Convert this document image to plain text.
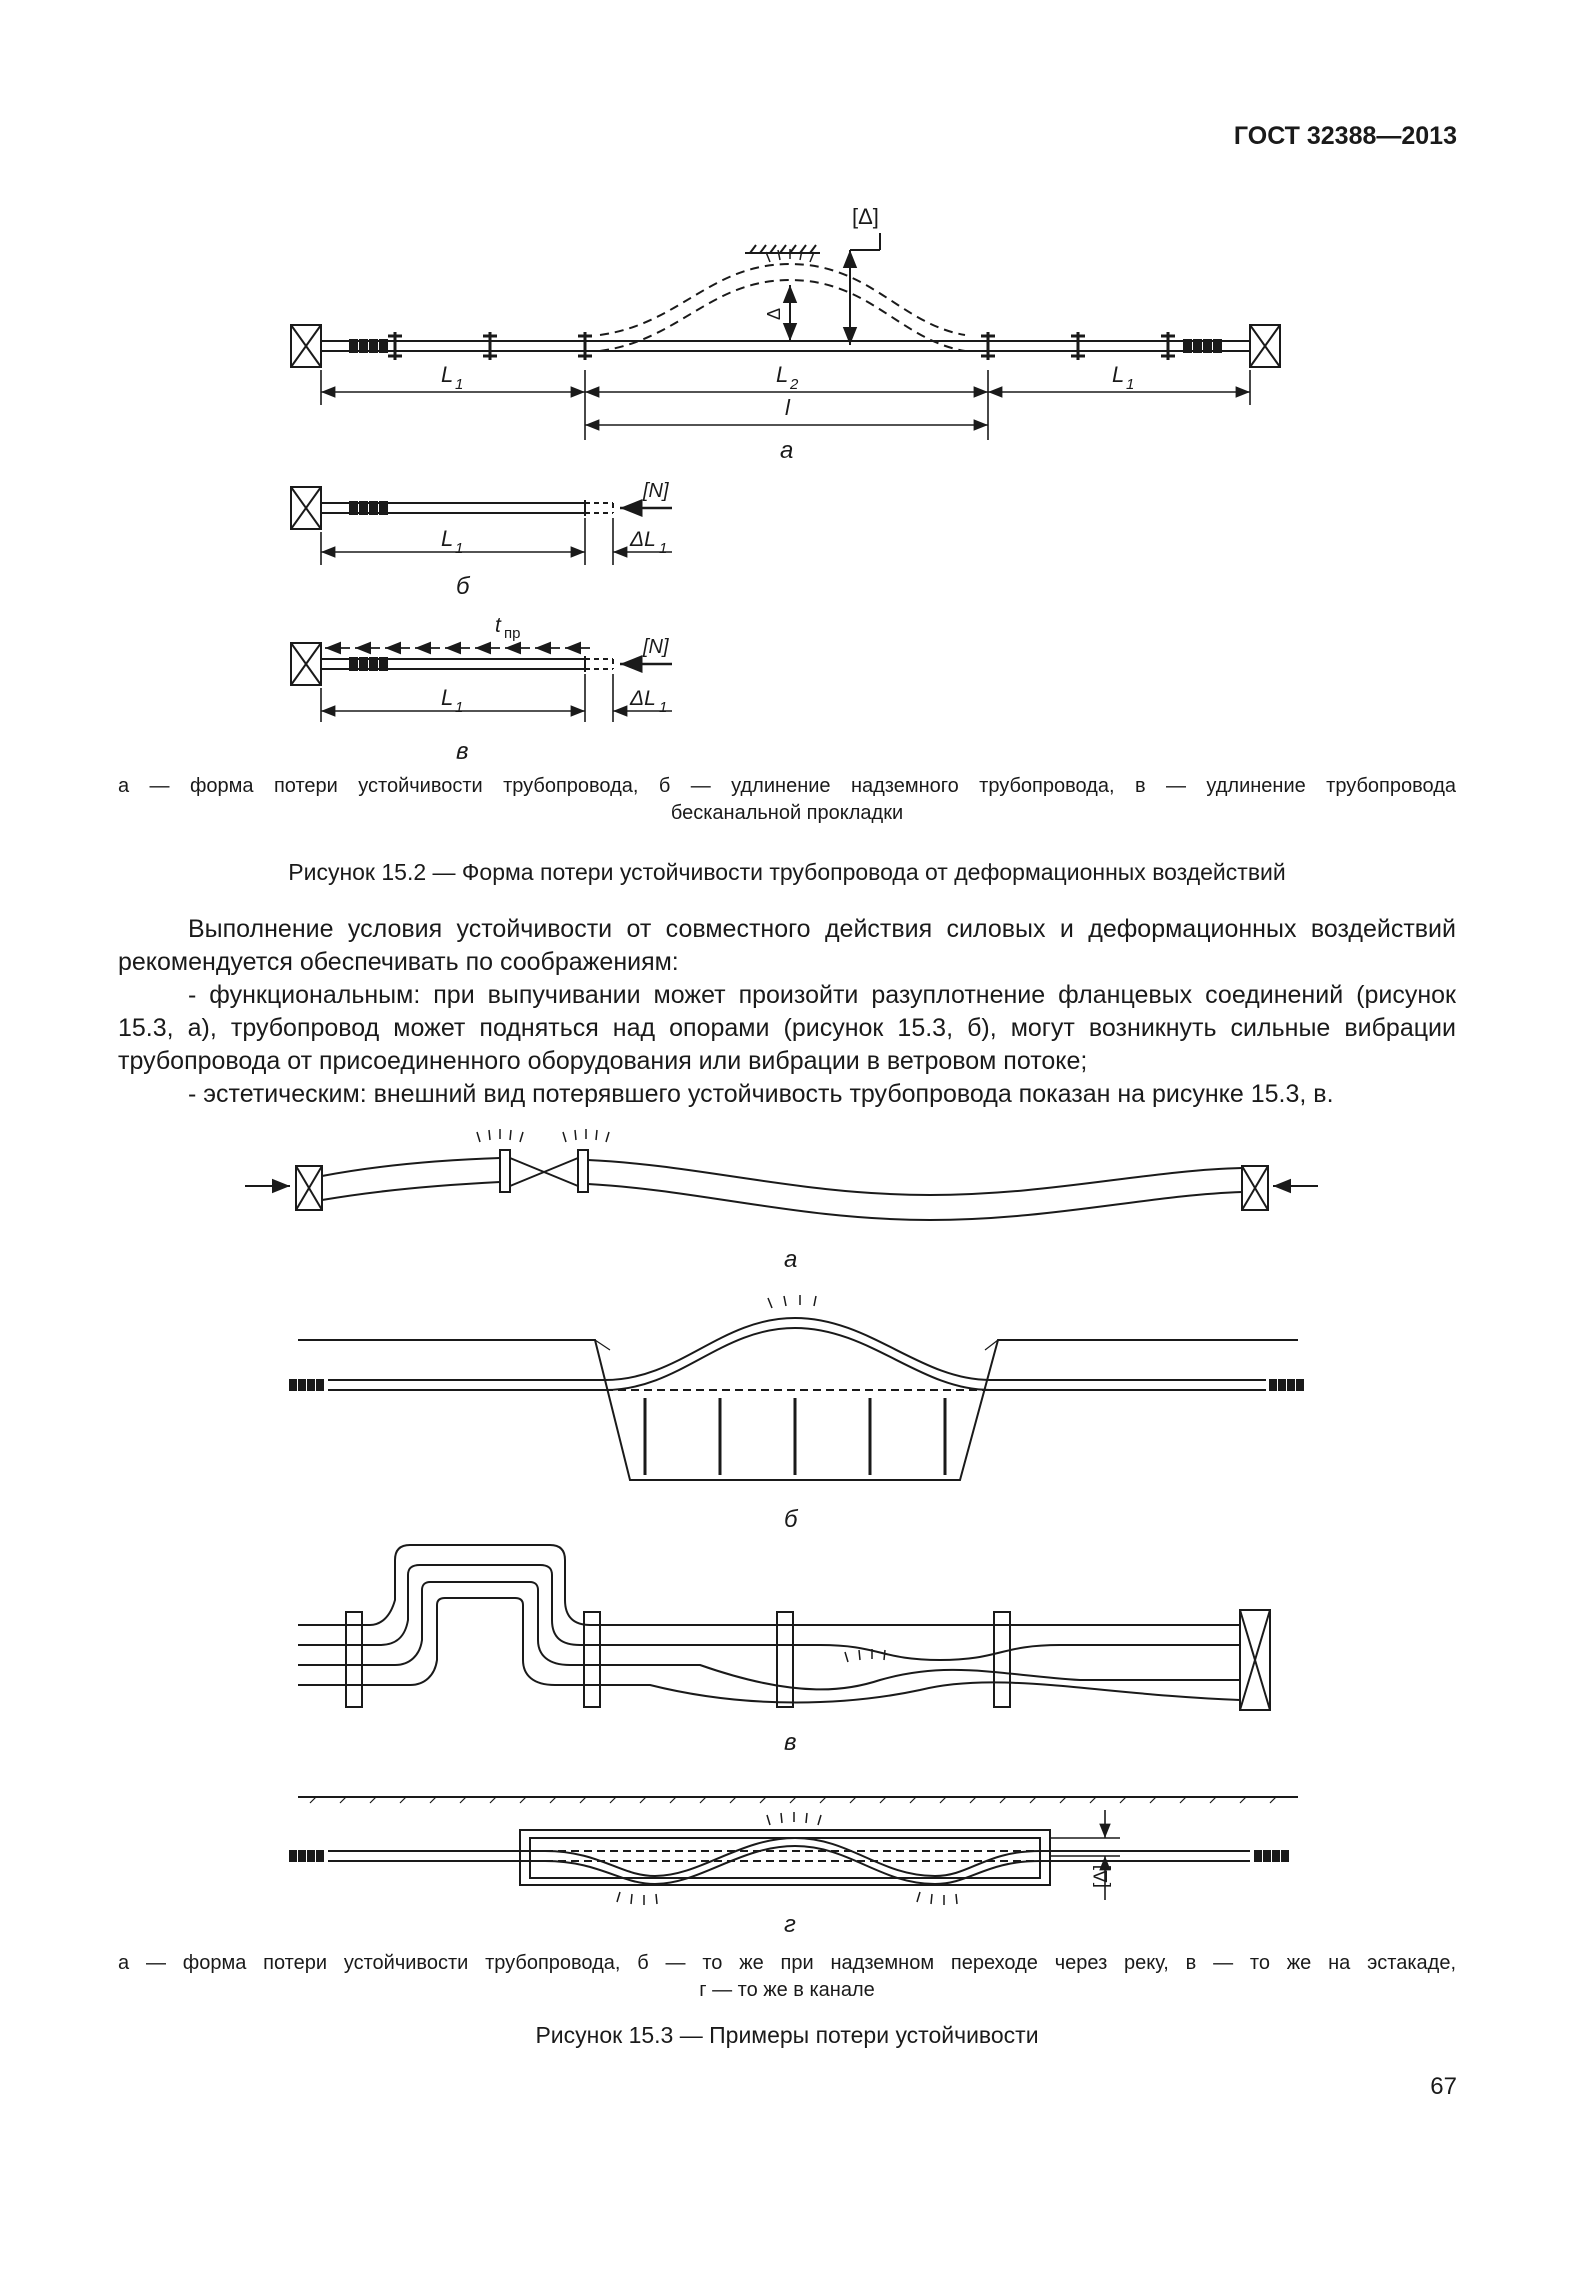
ГОСТ 32388—2013
[Δ]
Δ
L 1	L 2	L 1
l
а
[N]
L 1	ΔL 1
б
t пр
[N]
L 1	ΔL 1
в
а — форма потери устойчивости трубопровода, б — удлинение надземного трубопровода, в — удлинение трубопровода
бесканальной прокладки
Рисунок 15.2 — Форма потери устойчивости трубопровода от деформационных воздействий
Выполнение условия устойчивости от совместного действия силовых и деформационных воздействий рекомендуется обеспечивать по соображениям:
- функциональным: при выпучивании может произойти разуплотнение фланцевых соединений (рисунок 15.3, а), трубопровод может подняться над опорами (рисунок 15.3, б), могут возникнуть сильные вибрации трубопровода от присоединенного оборудования или вибрации в ветровом потоке;
- эстетическим: внешний вид потерявшего устойчивость трубопровода показан на рисунке 15.3, в.
а
б
в
г
[Δ]
а — форма потери устойчивости трубопровода, б — то же при надземном переходе через реку, в — то же на эстакаде,
г — то же в канале
Рисунок 15.3 — Примеры потери устойчивости
67
